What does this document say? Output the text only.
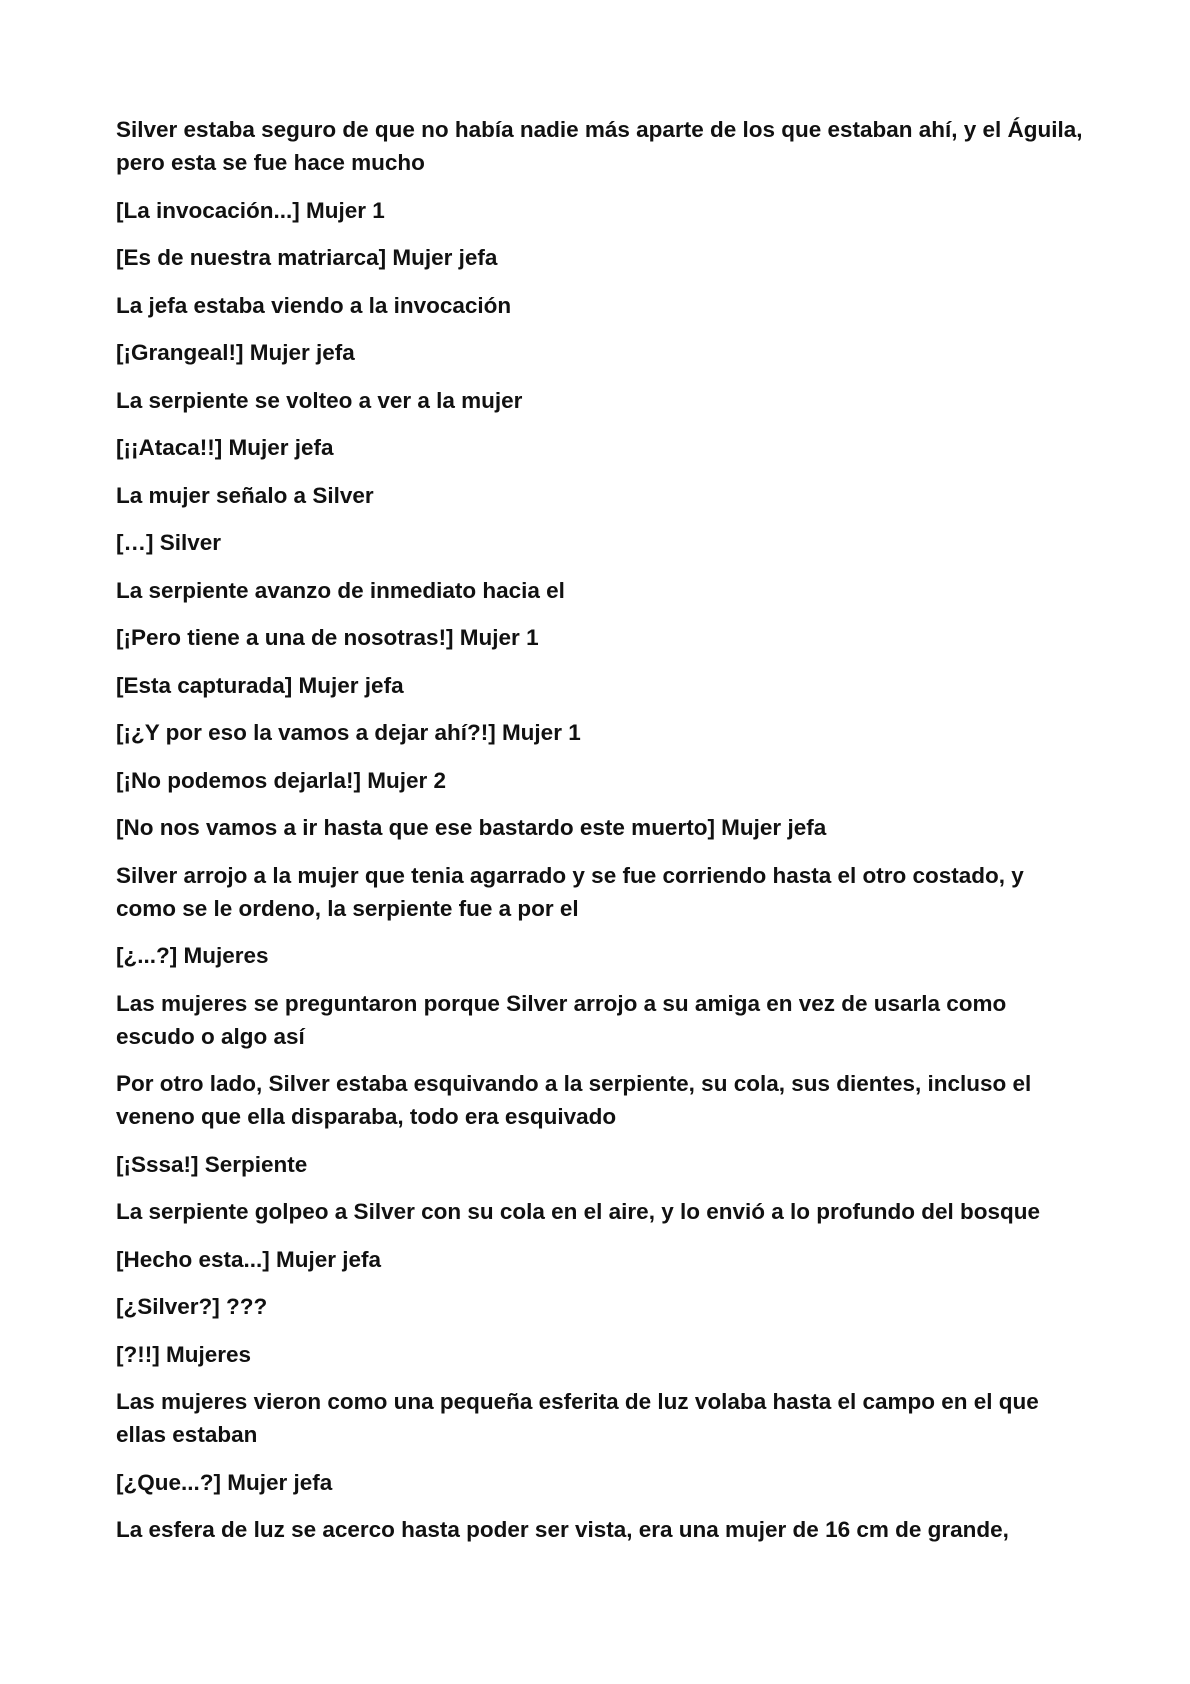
Silver estaba seguro de que no había nadie más aparte de los que estaban ahí, y el Águila, pero esta se fue hace mucho

[La invocación...] Mujer 1

[Es de nuestra matriarca] Mujer jefa

La jefa estaba viendo a la invocación

[¡Grangeal!] Mujer jefa

La serpiente se volteo a ver a la mujer

[¡¡Ataca!!] Mujer jefa

La mujer señalo a Silver

[…] Silver

La serpiente avanzo de inmediato hacia el

[¡Pero tiene a una de nosotras!] Mujer 1

[Esta capturada] Mujer jefa

[¡¿Y por eso la vamos a dejar ahí?!] Mujer 1

[¡No podemos dejarla!] Mujer 2

[No nos vamos a ir hasta que ese bastardo este muerto] Mujer jefa

Silver arrojo a la mujer que tenia agarrado y se fue corriendo hasta el otro costado, y como se le ordeno, la serpiente fue a por el

[¿...?] Mujeres

Las mujeres se preguntaron porque Silver arrojo a su amiga en vez de usarla como escudo o algo así

Por otro lado, Silver estaba esquivando a la serpiente, su cola, sus dientes, incluso el veneno que ella disparaba, todo era esquivado

[¡Sssa!] Serpiente

La serpiente golpeo a Silver con su cola en el aire, y lo envió a lo profundo del bosque

[Hecho esta...] Mujer jefa

[¿Silver?] ???

[?!!] Mujeres

Las mujeres vieron como una pequeña esferita de luz volaba hasta el campo en el que ellas estaban

[¿Que...?] Mujer jefa

La esfera de luz se acerco hasta poder ser vista, era una mujer de 16 cm de grande,
